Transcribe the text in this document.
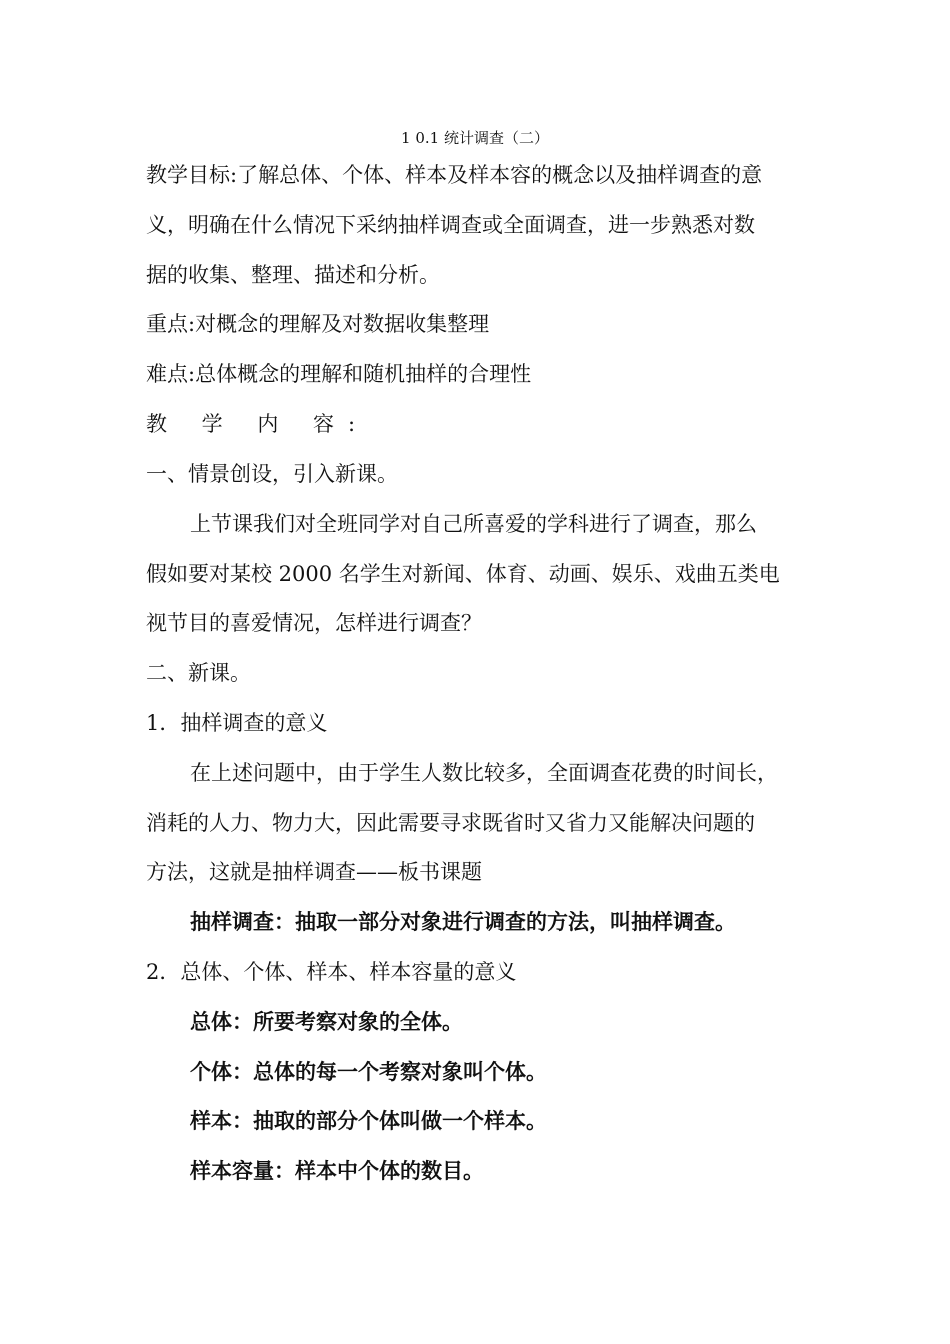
1 0.1 统计调查（二）
教学目标:了解总体、个体、样本及样本容的概念以及抽样调查的意
义，明确在什么情况下采纳抽样调查或全面调查，进一步熟悉对数
据的收集、整理、描述和分析。
重点:对概念的理解及对数据收集整理
难点:总体概念的理解和随机抽样的合理性
教 学 内 容:
一、情景创设，引入新课。
上节课我们对全班同学对自己所喜爱的学科进行了调查，那么
假如要对某校 2000 名学生对新闻、体育、动画、娱乐、戏曲五类电
视节目的喜爱情况，怎样进行调查？
二、新课。
1．抽样调查的意义
在上述问题中，由于学生人数比较多，全面调查花费的时间长，
消耗的人力、物力大，因此需要寻求既省时又省力又能解决问题的
方法，这就是抽样调查——板书课题
抽样调查：抽取一部分对象进行调查的方法，叫抽样调查。
2．总体、个体、样本、样本容量的意义
总体：所要考察对象的全体。
个体：总体的每一个考察对象叫个体。
样本：抽取的部分个体叫做一个样本。
样本容量：样本中个体的数目。
